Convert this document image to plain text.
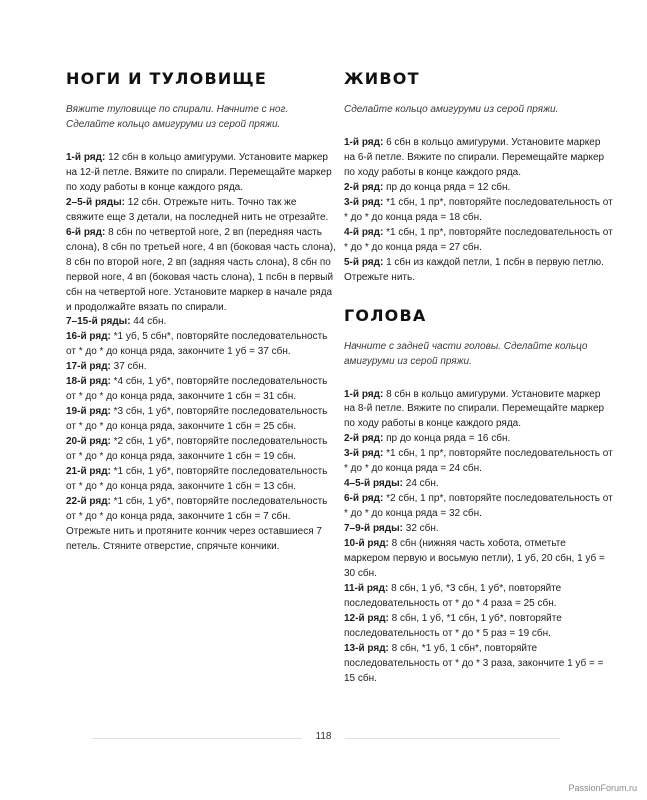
НОГИ И ТУЛОВИЩЕ

Вяжите туловище по спирали. Начните с ног. Сделайте кольцо амигуруми из серой пряжи.

1-й ряд: 12 сбн в кольцо амигуруми. Установите маркер на 12-й петле. Вяжите по спирали. Перемещайте маркер по ходу работы в конце каждого ряда.

2–5-й ряды: 12 сбн. Отрежьте нить. Точно так же свяжите еще 3 детали, на последней нить не отрезайте.

6-й ряд: 8 сбн по четвертой ноге, 2 вп (передняя часть слона), 8 сбн по третьей ноге, 4 вп (боковая часть слона), 8 сбн по второй ноге, 2 вп (задняя часть слона), 8 сбн по первой ноге, 4 вп (боковая часть слона), 1 псбн в первый сбн на четвертой ноге. Установите маркер в начале ряда и продолжайте вязать по спирали.

7–15-й ряды: 44 сбн.

16-й ряд: *1 уб, 5 сбн*, повторяйте последовательность от * до * до конца ряда, закончите 1 уб = 37 сбн.

17-й ряд: 37 сбн.

18-й ряд: *4 сбн, 1 уб*, повторяйте последовательность от * до * до конца ряда, закончите 1 сбн = 31 сбн.

19-й ряд: *3 сбн, 1 уб*, повторяйте последовательность от * до * до конца ряда, закончите 1 сбн = 25 сбн.

20-й ряд: *2 сбн, 1 уб*, повторяйте последовательность от * до * до конца ряда, закончите 1 сбн = 19 сбн.

21-й ряд: *1 сбн, 1 уб*, повторяйте последовательность от * до * до конца ряда, закончите 1 сбн = 13 сбн.

22-й ряд: *1 сбн, 1 уб*, повторяйте последовательность от * до * до конца ряда, закончите 1 сбн = 7 сбн. Отрежьте нить и протяните кончик через оставшиеся 7 петель. Стяните отверстие, спрячьте кончики.

ЖИВОТ

Сделайте кольцо амигуруми из серой пряжи.

1-й ряд: 6 сбн в кольцо амигуруми. Установите маркер на 6-й петле. Вяжите по спирали. Перемещайте маркер по ходу работы в конце каждого ряда.

2-й ряд: пр до конца ряда = 12 сбн.

3-й ряд: *1 сбн, 1 пр*, повторяйте последовательность от * до * до конца ряда = 18 сбн.

4-й ряд: *1 сбн, 1 пр*, повторяйте последовательность от * до * до конца ряда = 27 сбн.

5-й ряд: 1 сбн из каждой петли, 1 псбн в первую петлю. Отрежьте нить.

ГОЛОВА

Начните с задней части головы. Сделайте кольцо амигуруми из серой пряжи.

1-й ряд: 8 сбн в кольцо амигуруми. Установите маркер на 8-й петле. Вяжите по спирали. Перемещайте маркер по ходу работы в конце каждого ряда.

2-й ряд: пр до конца ряда = 16 сбн.

3-й ряд: *1 сбн, 1 пр*, повторяйте последовательность от * до * до конца ряда = 24 сбн.

4–5-й ряды: 24 сбн.

6-й ряд: *2 сбн, 1 пр*, повторяйте последовательность от * до * до конца ряда = 32 сбн.

7–9-й ряды: 32 сбн.

10-й ряд: 8 сбн (нижняя часть хобота, отметьте маркером первую и восьмую петли), 1 уб, 20 сбн, 1 уб = 30 сбн.

11-й ряд: 8 сбн, 1 уб, *3 сбн, 1 уб*, повторяйте последовательность от * до * 4 раза = 25 сбн.

12-й ряд: 8 сбн, 1 уб, *1 сбн, 1 уб*, повторяйте последовательность от * до * 5 раз = 19 сбн.

13-й ряд: 8 сбн, *1 уб, 1 сбн*, повторяйте последовательность от * до * 3 раза, закончите 1 уб = = 15 сбн.

118
PassionForum.ru
